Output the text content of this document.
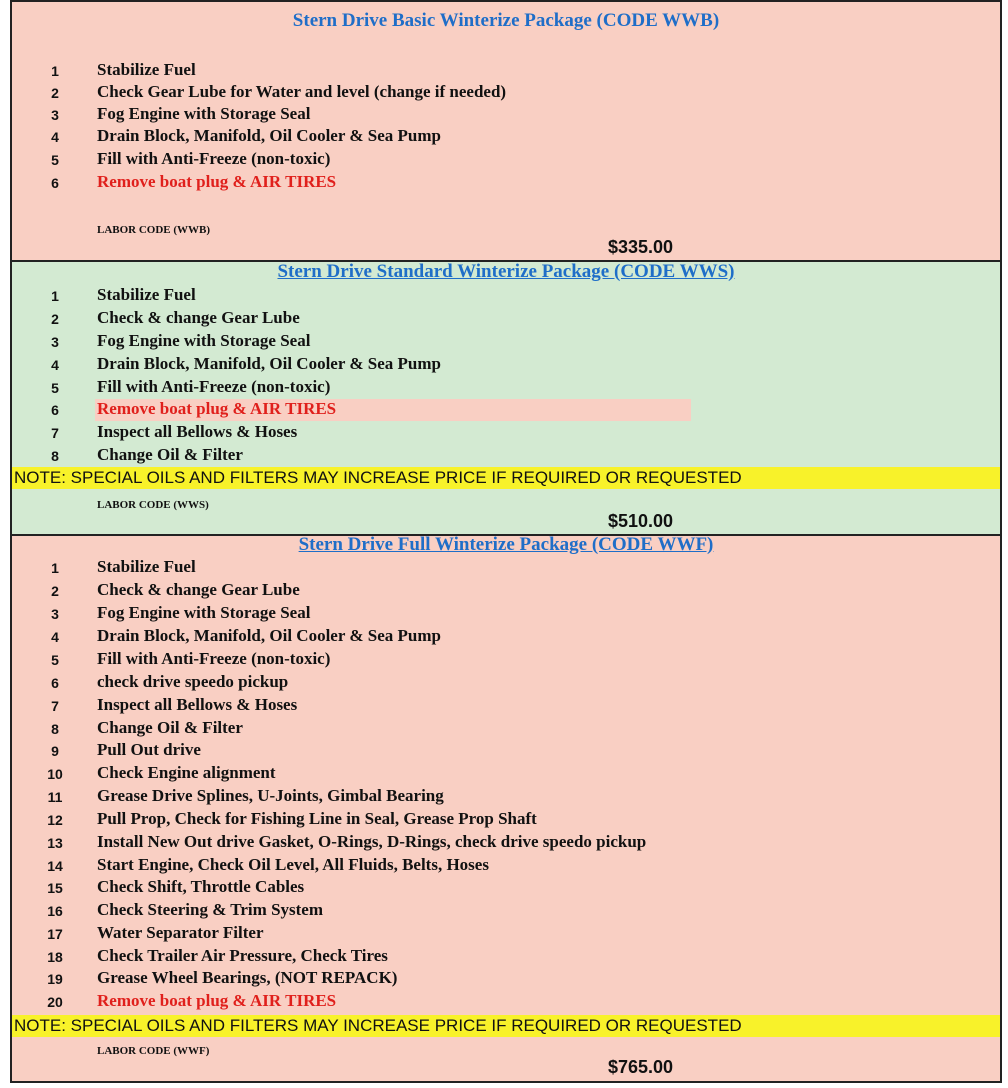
Stern Drive Basic Winterize Package (CODE WWB)
1	Stabilize Fuel
2	Check Gear Lube for Water and level (change if needed)
3	Fog Engine with Storage Seal
4	Drain Block, Manifold, Oil Cooler & Sea Pump
5	Fill with Anti-Freeze (non-toxic)
6	Remove boat plug & AIR TIRES
LABOR CODE (WWB)
$335.00
Stern Drive Standard Winterize Package (CODE WWS)
1	Stabilize Fuel
2	Check & change Gear Lube
3	Fog Engine with Storage Seal
4	Drain Block, Manifold, Oil Cooler & Sea Pump
5	Fill with Anti-Freeze (non-toxic)
6	Remove boat plug & AIR TIRES
7	Inspect all Bellows & Hoses
8	Change Oil & Filter
NOTE: SPECIAL OILS AND FILTERS MAY INCREASE PRICE IF REQUIRED OR REQUESTED
LABOR CODE (WWS)
$510.00
Stern Drive Full Winterize Package (CODE WWF)
1	Stabilize Fuel
2	Check & change Gear Lube
3	Fog Engine with Storage Seal
4	Drain Block, Manifold, Oil Cooler & Sea Pump
5	Fill with Anti-Freeze (non-toxic)
6	check drive speedo pickup
7	Inspect all Bellows & Hoses
8	Change Oil & Filter
9	Pull Out drive
10	Check Engine alignment
11	Grease Drive Splines, U-Joints, Gimbal Bearing
12	Pull Prop, Check for Fishing Line in Seal, Grease Prop Shaft
13	Install New Out drive Gasket, O-Rings, D-Rings, check drive speedo pickup
14	Start Engine, Check Oil Level, All Fluids, Belts, Hoses
15	Check Shift, Throttle Cables
16	Check Steering & Trim System
17	Water Separator Filter
18	Check Trailer Air Pressure, Check Tires
19	Grease Wheel Bearings, (NOT REPACK)
20	Remove boat plug & AIR TIRES
NOTE: SPECIAL OILS AND FILTERS MAY INCREASE PRICE IF REQUIRED OR REQUESTED
LABOR CODE (WWF)
$765.00
